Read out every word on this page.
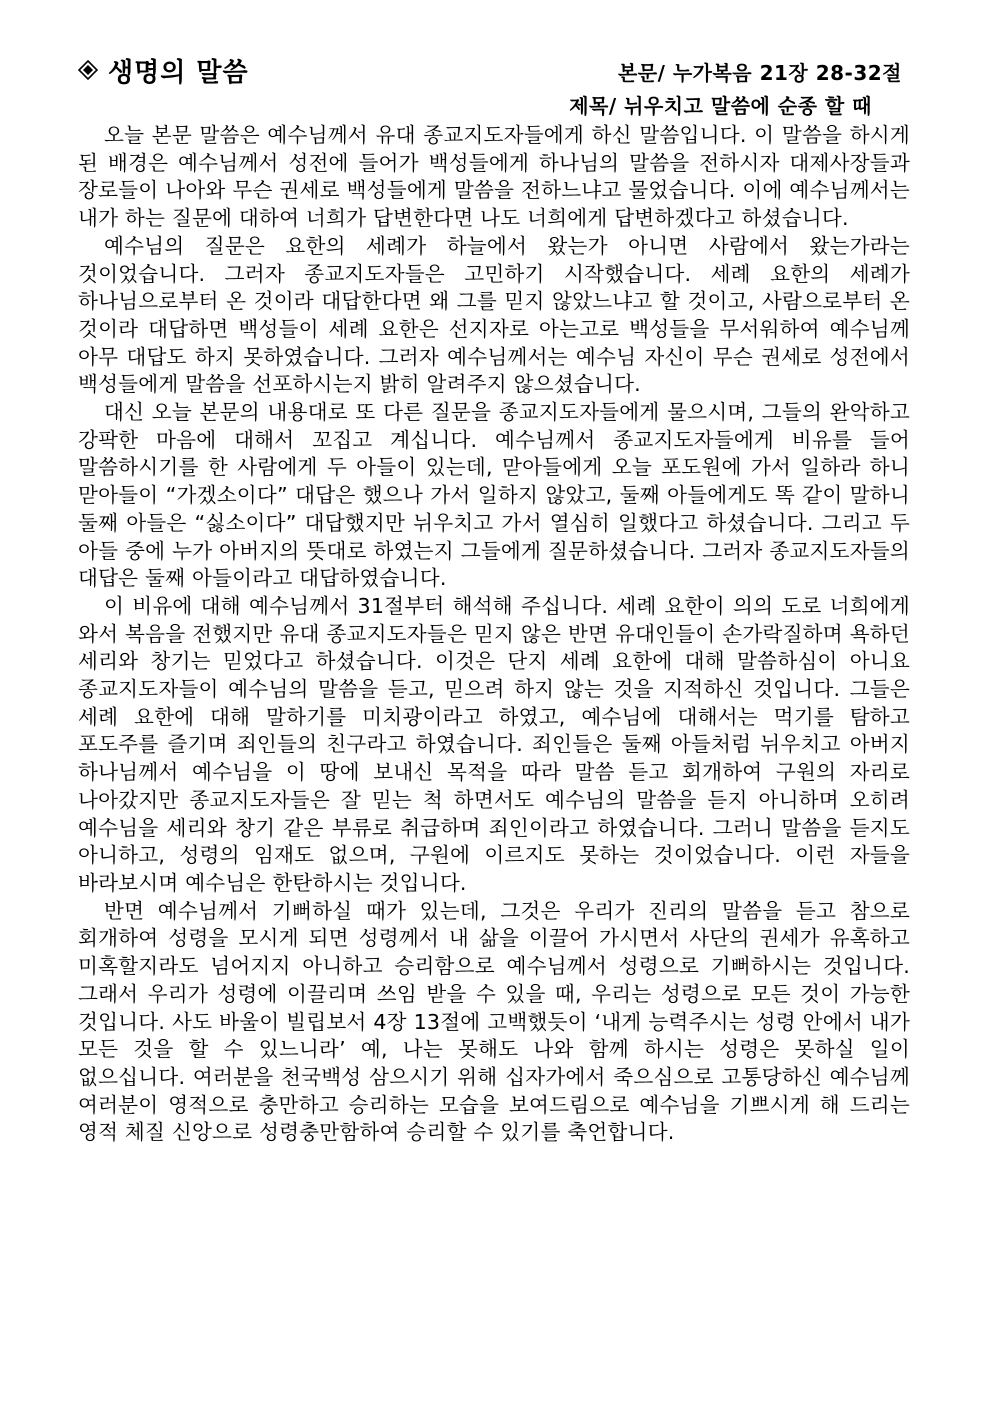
생명의 말씀	본문/ 누가복음 21장 28-32절
제목/ 뉘우치고 말씀에 순종 할 때

오늘 본문 말씀은 예수님께서 유대 종교지도자들에게 하신 말씀입니다. 이 말씀을 하시게 된 배경은 예수님께서 성전에 들어가 백성들에게 하나님의 말씀을 전하시자 대제사장들과 장로들이 나아와 무슨 권세로 백성들에게 말씀을 전하느냐고 물었습니다. 이에 예수님께서는 내가 하는 질문에 대하여 너희가 답변한다면 나도 너희에게 답변하겠다고 하셨습니다.

예수님의 질문은 요한의 세례가 하늘에서 왔는가 아니면 사람에서 왔는가라는 것이었습니다. 그러자 종교지도자들은 고민하기 시작했습니다. 세례 요한의 세례가 하나님으로부터 온 것이라 대답한다면 왜 그를 믿지 않았느냐고 할 것이고, 사람으로부터 온 것이라 대답하면 백성들이 세례 요한은 선지자로 아는고로 백성들을 무서워하여 예수님께 아무 대답도 하지 못하였습니다. 그러자 예수님께서는 예수님 자신이 무슨 권세로 성전에서 백성들에게 말씀을 선포하시는지 밝히 알려주지 않으셨습니다.

대신 오늘 본문의 내용대로 또 다른 질문을 종교지도자들에게 물으시며, 그들의 완악하고 강팍한 마음에 대해서 꼬집고 계십니다. 예수님께서 종교지도자들에게 비유를 들어 말씀하시기를 한 사람에게 두 아들이 있는데, 맏아들에게 오늘 포도원에 가서 일하라 하니 맏아들이 “가겠소이다” 대답은 했으나 가서 일하지 않았고, 둘째 아들에게도 똑 같이 말하니 둘째 아들은 “싫소이다” 대답했지만 뉘우치고 가서 열심히 일했다고 하셨습니다. 그리고 두 아들 중에 누가 아버지의 뜻대로 하였는지 그들에게 질문하셨습니다. 그러자 종교지도자들의 대답은 둘째 아들이라고 대답하였습니다.

이 비유에 대해 예수님께서 31절부터 해석해 주십니다. 세례 요한이 의의 도로 너희에게 와서 복음을 전했지만 유대 종교지도자들은 믿지 않은 반면 유대인들이 손가락질하며 욕하던 세리와 창기는 믿었다고 하셨습니다. 이것은 단지 세례 요한에 대해 말씀하심이 아니요 종교지도자들이 예수님의 말씀을 듣고, 믿으려 하지 않는 것을 지적하신 것입니다. 그들은 세례 요한에 대해 말하기를 미치광이라고 하였고, 예수님에 대해서는 먹기를 탐하고 포도주를 즐기며 죄인들의 친구라고 하였습니다. 죄인들은 둘째 아들처럼 뉘우치고 아버지 하나님께서 예수님을 이 땅에 보내신 목적을 따라 말씀 듣고 회개하여 구원의 자리로 나아갔지만 종교지도자들은 잘 믿는 척 하면서도 예수님의 말씀을 듣지 아니하며 오히려 예수님을 세리와 창기 같은 부류로 취급하며 죄인이라고 하였습니다. 그러니 말씀을 듣지도 아니하고, 성령의 임재도 없으며, 구원에 이르지도 못하는 것이었습니다. 이런 자들을 바라보시며 예수님은 한탄하시는 것입니다.

반면 예수님께서 기뻐하실 때가 있는데, 그것은 우리가 진리의 말씀을 듣고 참으로 회개하여 성령을 모시게 되면 성령께서 내 삶을 이끌어 가시면서 사단의 권세가 유혹하고 미혹할지라도 넘어지지 아니하고 승리함으로 예수님께서 성령으로 기뻐하시는 것입니다. 그래서 우리가 성령에 이끌리며 쓰임 받을 수 있을 때, 우리는 성령으로 모든 것이 가능한 것입니다. 사도 바울이 빌립보서 4장 13절에 고백했듯이 ‘내게 능력주시는 성령 안에서 내가 모든 것을 할 수 있느니라’ 예, 나는 못해도 나와 함께 하시는 성령은 못하실 일이 없으십니다. 여러분을 천국백성 삼으시기 위해 십자가에서 죽으심으로 고통당하신 예수님께 여러분이 영적으로 충만하고 승리하는 모습을 보여드림으로 예수님을 기쁘시게 해 드리는 영적 체질 신앙으로 성령충만함하여 승리할 수 있기를 축언합니다.
